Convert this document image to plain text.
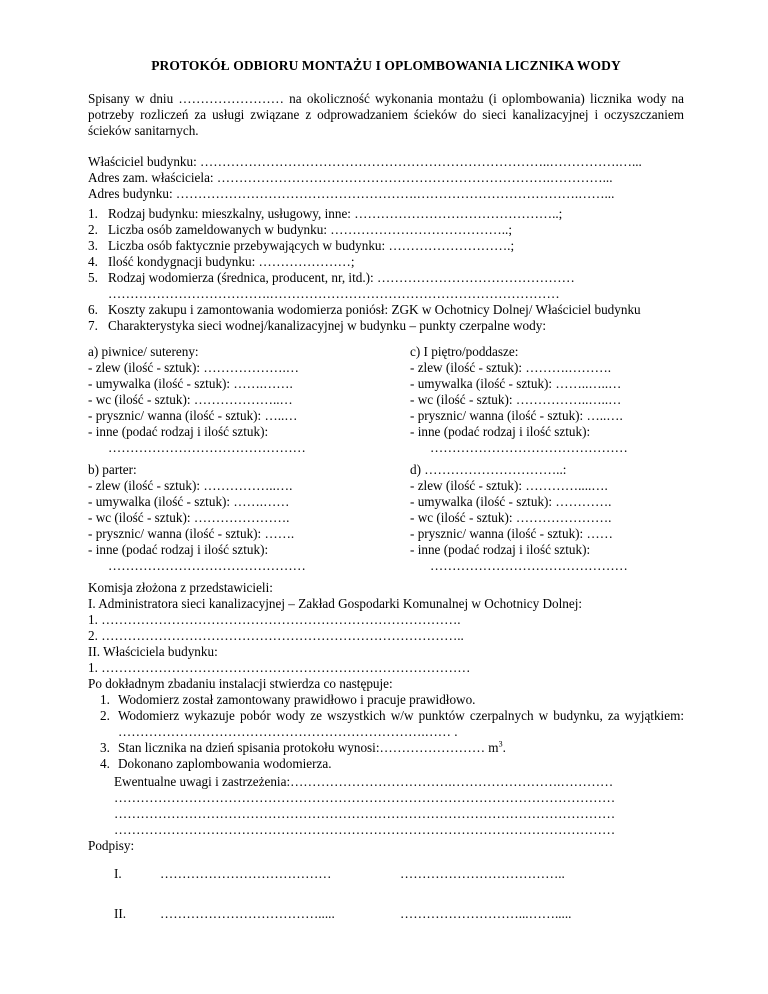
PROTOKÓŁ ODBIORU MONTAŻU I OPLOMBOWANIA LICZNIKA WODY
Spisany w dniu …………………… na okoliczność wykonania montażu (i oplombowania) licznika wody na potrzeby rozliczeń za usługi związane z odprowadzaniem ścieków do sieci kanalizacyjnej i oczyszczaniem ścieków sanitarnych.
Właściciel budynku: ……………………………………………………………………..…………….…...
Adres zam. właściciela: ………………………………………………………………….…………...
Adres budynku: ……………………………………………….……………………………….……...
1. Rodzaj budynku: mieszkalny, usługowy, inne: ………………………………………..;
2. Liczba osób zameldowanych w budynku: …………………………………..;
3. Liczba osób faktycznie przebywających w budynku: ……………………….;
4. Ilość kondygnacji budynku: …………………;
5. Rodzaj wodomierza (średnica, producent, nr, itd.): ………………………………………
……………………………….…………………………………………………………
6. Koszty zakupu i zamontowania wodomierza poniósł: ZGK w Ochotnicy Dolnej/ Właściciel budynku
7. Charakterystyka sieci wodnej/kanalizacyjnej w budynku – punkty czerpalne wody:
a) piwnice/ sutereny:
- zlew (ilość - sztuk): ……………….…
- umywalka (ilość - sztuk): …….…….
- wc (ilość - sztuk): ………………..…
- prysznic/ wanna (ilość - sztuk): …..…
- inne (podać rodzaj i ilość sztuk):
………………………………………
c) I piętro/poddasze:
- zlew (ilość - sztuk): ……….……….
- umywalka (ilość - sztuk): ……..…..…
- wc (ilość - sztuk): ……………..…..…
- prysznic/ wanna (ilość - sztuk): …..….
- inne (podać rodzaj i ilość sztuk):
………………………………………
b) parter:
- zlew (ilość - sztuk): ……………..….
- umywalka (ilość - sztuk): …….……
- wc (ilość - sztuk): ………………….
- prysznic/ wanna (ilość - sztuk): …….
- inne (podać rodzaj i ilość sztuk):
………………………………………
d) …………………………..:
- zlew (ilość - sztuk): …………....….
- umywalka (ilość - sztuk): ………….
- wc (ilość - sztuk): ………………….
- prysznic/ wanna (ilość - sztuk): ……
- inne (podać rodzaj i ilość sztuk):
………………………………………
Komisja złożona z przedstawicieli:
I. Administratora sieci kanalizacyjnej – Zakład Gospodarki Komunalnej w Ochotnicy Dolnej:
1. ……………………………………………………………………….
2. ………………………………………………………………………..
II. Właściciela budynku:
1. …………………………………………………………………………
Po dokładnym zbadaniu instalacji stwierdza co następuje:
1. Wodomierz został zamontowany prawidłowo i pracuje prawidłowo.
2. Wodomierz wykazuje pobór wody ze wszystkich w/w punktów czerpalnych w budynku, za wyjątkiem: …………………………………………………………….…… .
3. Stan licznika na dzień spisania protokołu wynosi:…………………… $m^3$.
4. Dokonano zaplombowania wodomierza.
Ewentualne uwagi i zastrzeżenia:……………………………….…………………….…………
……………………………………………………………………………………………………
……………………………………………………………………………………………………
……………………………………………………………………………………………………
Podpisy:
I.	…………………………………	………………………………..
II.	……………………………….....	………………………...…….....
